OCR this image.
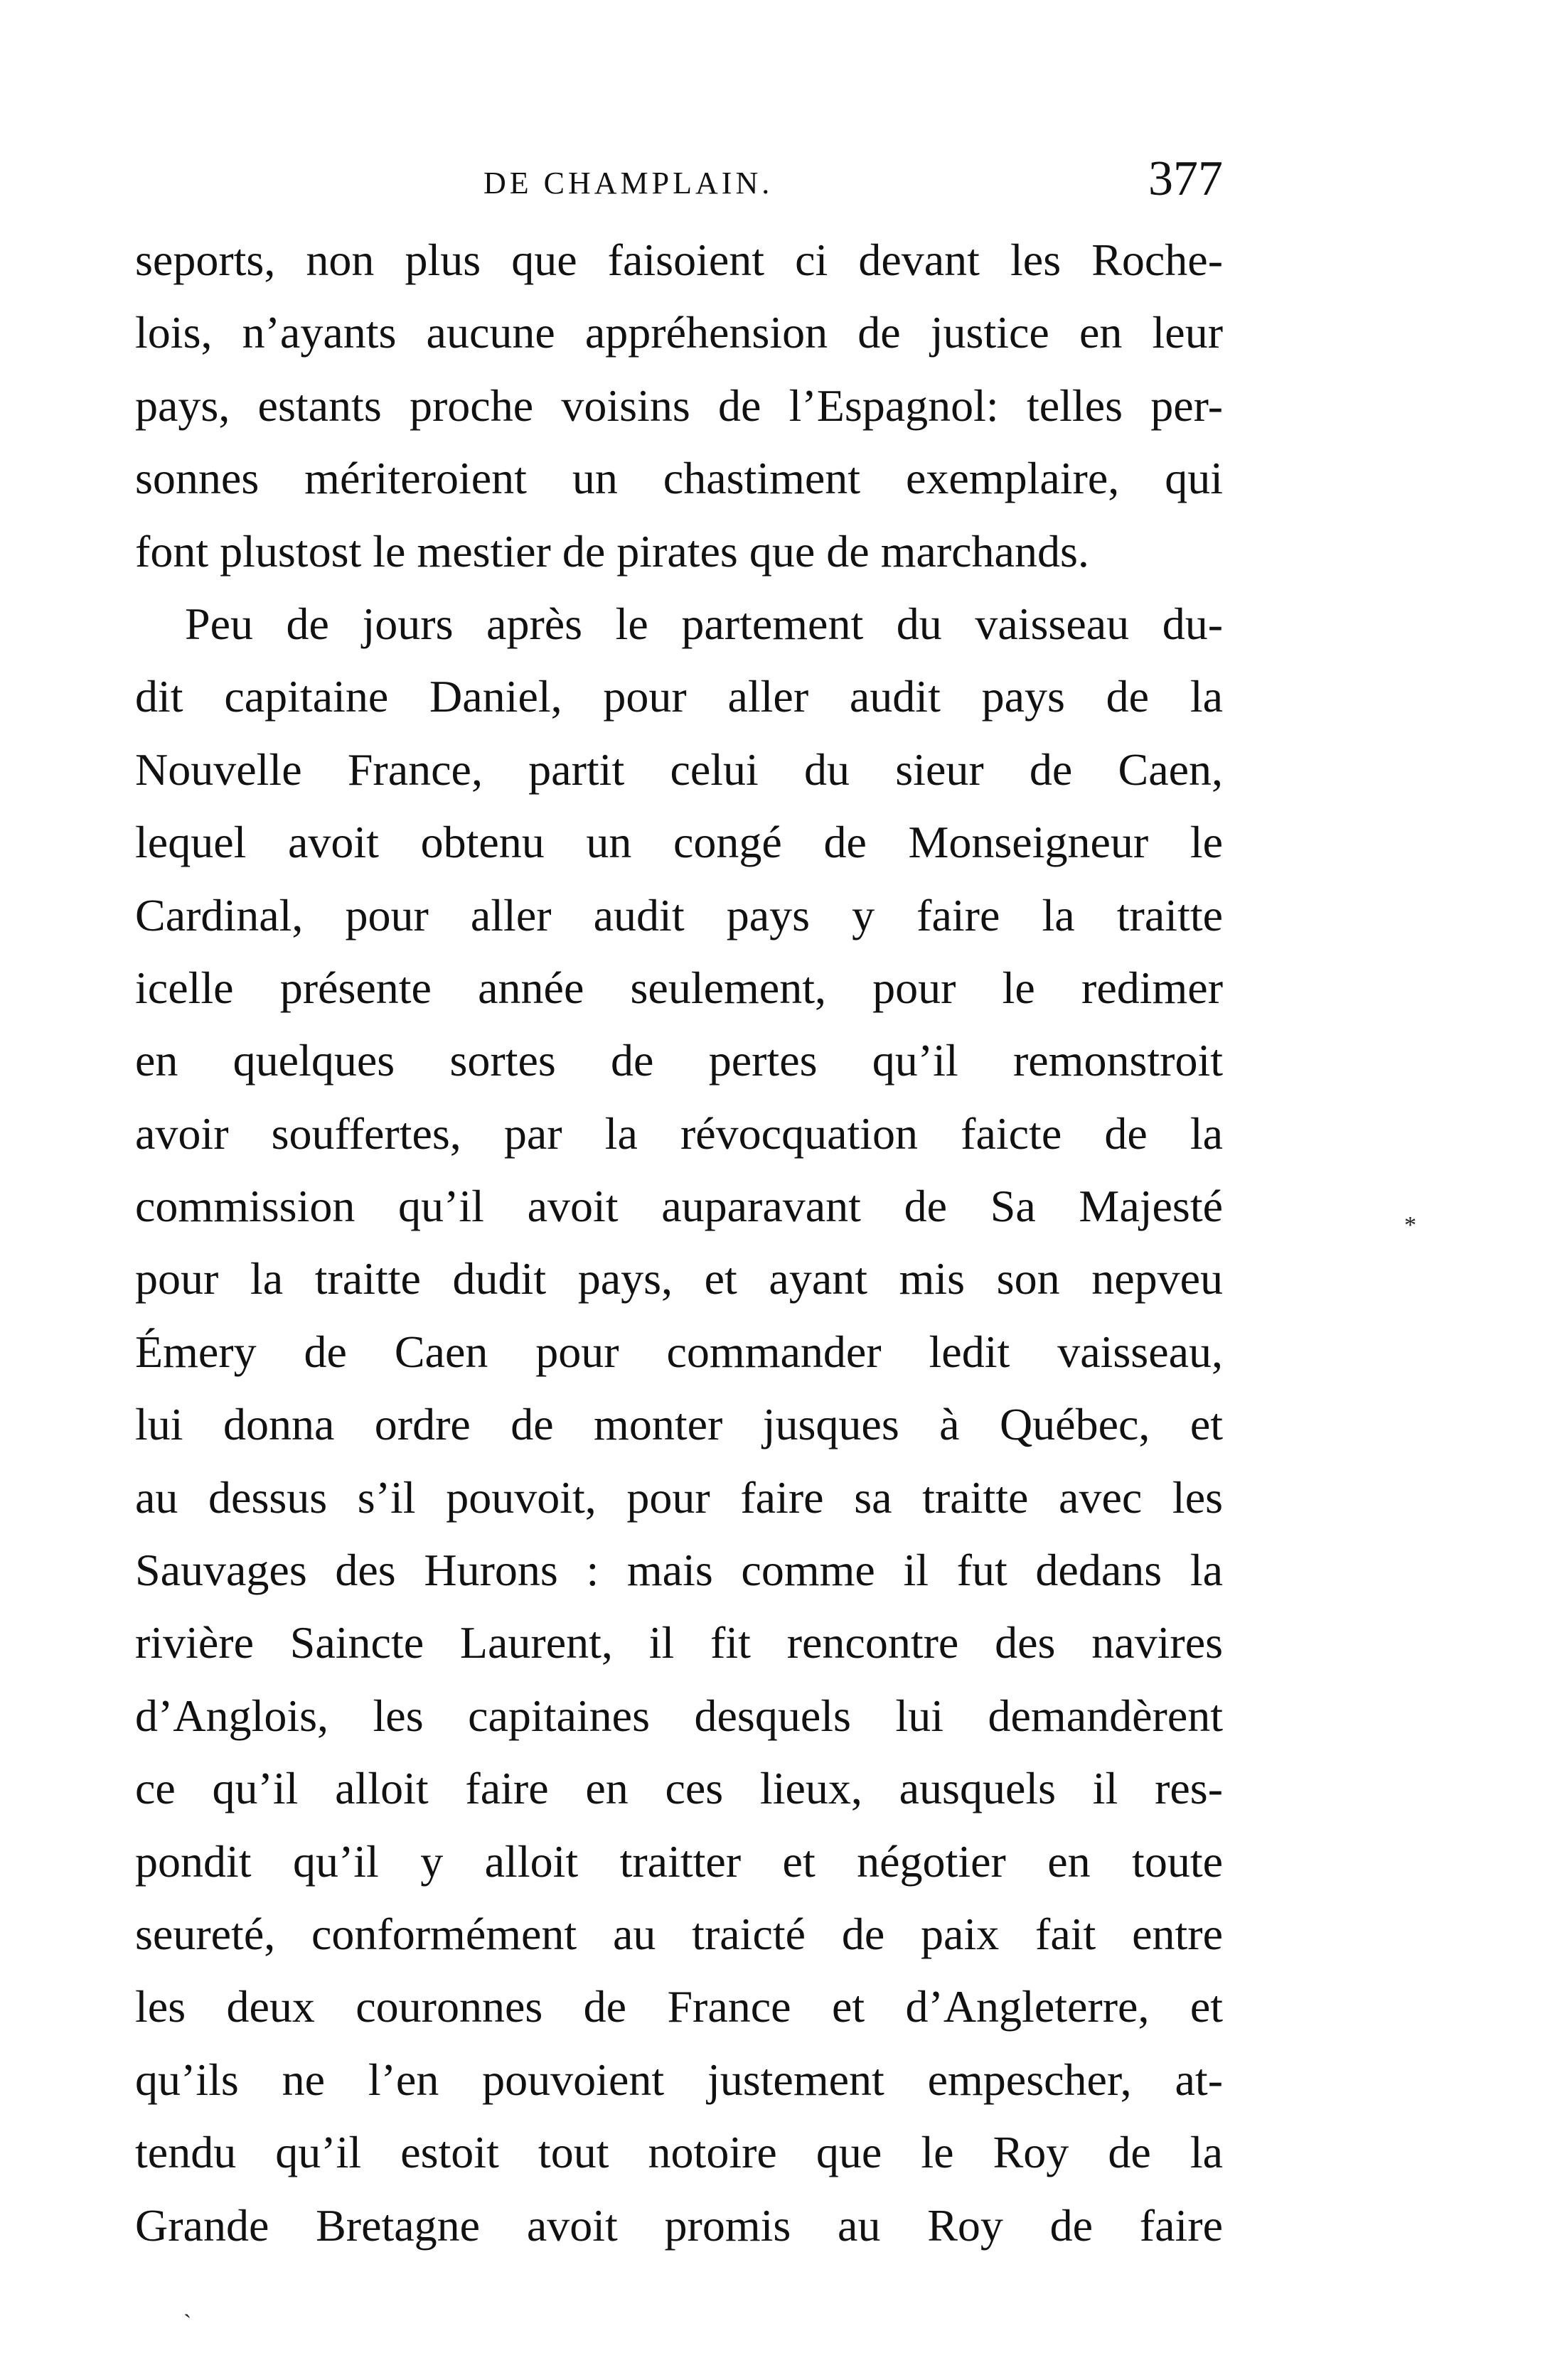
DE CHAMPLAIN.	377
seports, non plus que faisoient ci devant les Roche-
lois, n’ayants aucune appréhension de justice en leur
pays, estants proche voisins de l’Espagnol: telles per-
sonnes mériteroient un chastiment exemplaire, qui
font plustost le mestier de pirates que de marchands.
Peu de jours après le partement du vaisseau du-
dit capitaine Daniel, pour aller audit pays de la
Nouvelle France, partit celui du sieur de Caen,
lequel avoit obtenu un congé de Monseigneur le
Cardinal, pour aller audit pays y faire la traitte
icelle présente année seulement, pour le redimer
en quelques sortes de pertes qu’il remonstroit
avoir souffertes, par la révocquation faicte de la
commission qu’il avoit auparavant de Sa Majesté
pour la traitte dudit pays, et ayant mis son nepveu
Émery de Caen pour commander ledit vaisseau,
lui donna ordre de monter jusques à Québec, et
au dessus s’il pouvoit, pour faire sa traitte avec les
Sauvages des Hurons : mais comme il fut dedans la
rivière Saincte Laurent, il fit rencontre des navires
d’Anglois, les capitaines desquels lui demandèrent
ce qu’il alloit faire en ces lieux, ausquels il res-
pondit qu’il y alloit traitter et négotier en toute
seureté, conformément au traicté de paix fait entre
les deux couronnes de France et d’Angleterre, et
qu’ils ne l’en pouvoient justement empescher, at-
tendu qu’il estoit tout notoire que le Roy de la
Grande Bretagne avoit promis au Roy de faire
*
`
